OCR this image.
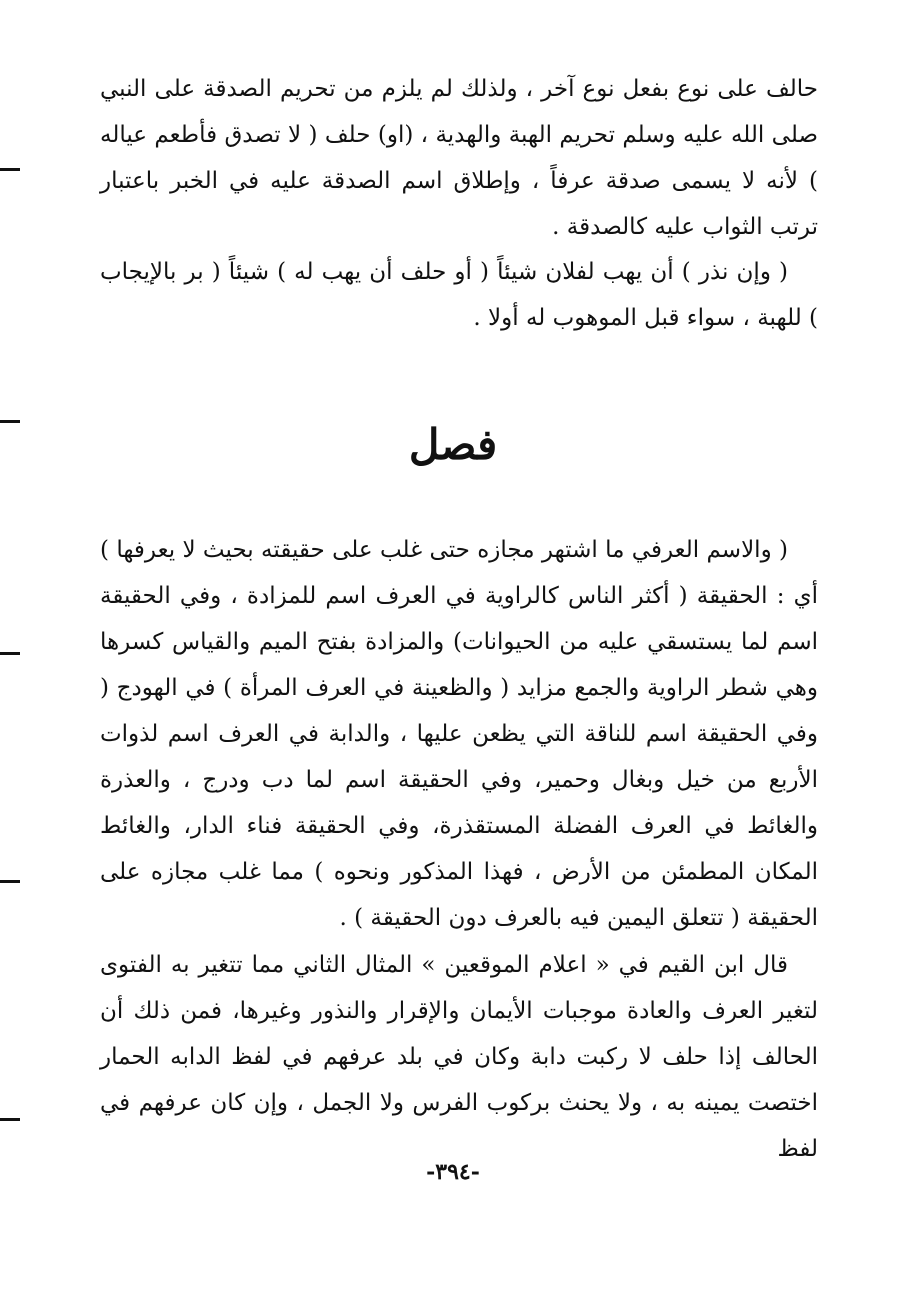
حالف على نوع بفعل نوع آخر ، ولذلك لم يلزم من تحريم الصدقة على النبي صلى الله عليه وسلم تحريم الهبة والهدية ، (او) حلف ( لا تصدق فأطعم عياله ) لأنه لا يسمى صدقة عرفاً ، وإطلاق اسم الصدقة عليه في الخبر باعتبار ترتب الثواب عليه كالصدقة .

( وإن نذر ) أن يهب لفلان شيئاً ( أو حلف أن يهب له ) شيئاً ( بر بالإيجاب ) للهبة ، سواء قبل الموهوب له أولا .

فصل

( والاسم العرفي ما اشتهر مجازه حتى غلب على حقيقته بحيث لا يعرفها ) أي : الحقيقة ( أكثر الناس كالراوية في العرف اسم للمزادة ، وفي الحقيقة اسم لما يستسقي عليه من الحيوانات) والمزادة بفتح الميم والقياس كسرها وهي شطر الراوية والجمع مزايد ( والظعينة في العرف المرأة ) في الهودج ( وفي الحقيقة اسم للناقة التي يظعن عليها ، والدابة في العرف اسم لذوات الأربع من خيل وبغال وحمير، وفي الحقيقة اسم لما دب ودرج ، والعذرة والغائط في العرف الفضلة المستقذرة، وفي الحقيقة فناء الدار، والغائط المكان المطمئن من الأرض ، فهذا المذكور ونحوه ) مما غلب مجازه على الحقيقة ( تتعلق اليمين فيه بالعرف دون الحقيقة ) .

قال ابن القيم في « اعلام الموقعين » المثال الثاني مما تتغير به الفتوى لتغير العرف والعادة موجبات الأيمان والإقرار والنذور وغيرها، فمن ذلك أن الحالف إذا حلف لا ركبت دابة وكان في بلد عرفهم في لفظ الدابه الحمار اختصت يمينه به ، ولا يحنث بركوب الفرس ولا الجمل ، وإن كان عرفهم في لفظ

-٣٩٤-
